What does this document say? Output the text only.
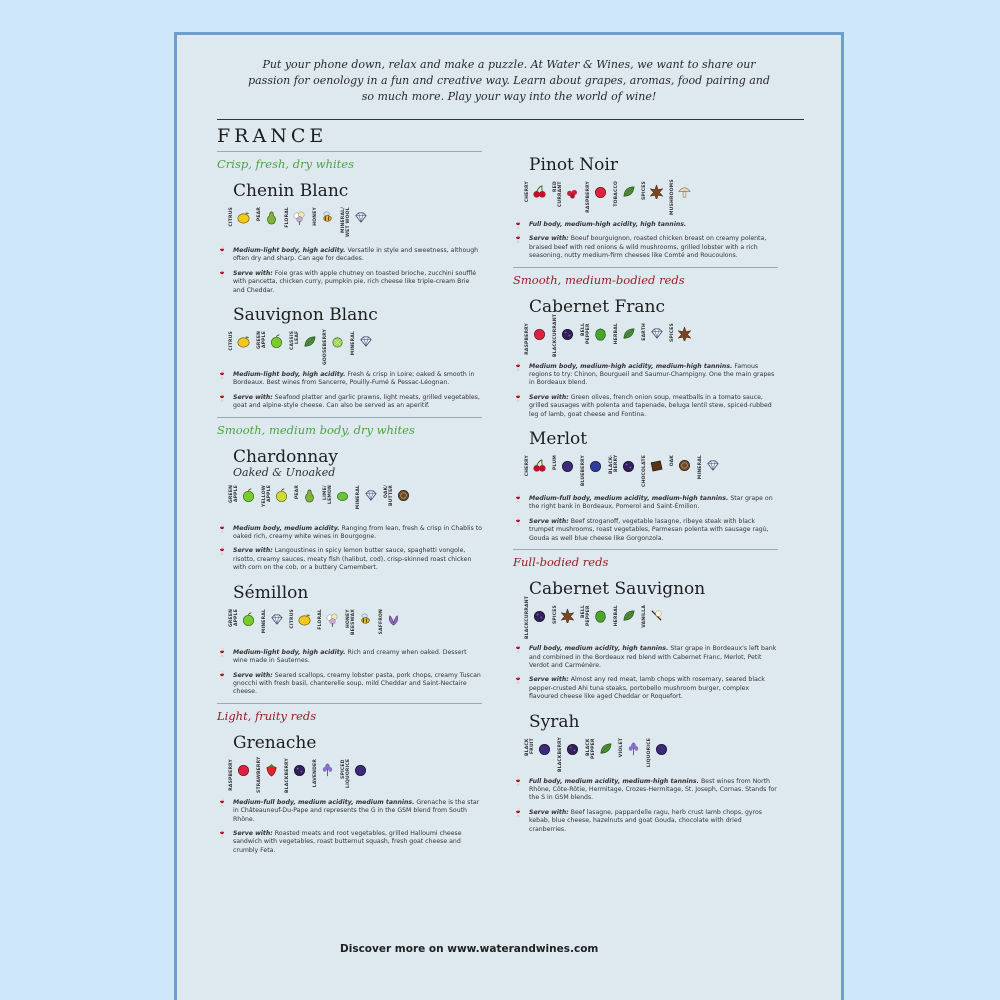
Put your phone down, relax and make a puzzle. At Water & Wines, we want to share our passion for oenology in a fun and creative way. Learn about grapes, aromas, food pairing and so much more. Play your way into the world of wine!
FRANCE
Crisp, fresh, dry whites
Chenin Blanc
CITRUS	PEAR	FLORAL	HONEY	MINERAL/ WET WOOL
🍷 Medium-light body, high acidity. Versatile in style and sweetness, although often dry and sharp. Can age for decades.
🍷 Serve with: Foie gras with apple chutney on toasted brioche, zucchini soufflé with pancetta, chicken curry, pumpkin pie, rich cheese like triple-cream Brie and Cheddar.
Sauvignon Blanc
CITRUS	GREEN APPLE	CASSIS LEAF	GOOSEBERRY	MINERAL
🍷 Medium-light body, high acidity. Fresh & crisp in Loire; oaked & smooth in Bordeaux. Best wines from Sancerre, Pouilly-Fumé & Pessac-Léognan.
🍷 Serve with: Seafood platter and garlic prawns, light meats, grilled vegetables, goat and alpine-style cheese. Can also be served as an aperitif.
Smooth, medium body, dry whites
Chardonnay
Oaked & Unoaked
GREEN APPLE	YELLOW APPLE	PEAR	LIME/ LEMON	MINERAL	OAK/ BUTTER
🍷 Medium body, medium acidity. Ranging from lean, fresh & crisp in Chablis to oaked rich, creamy white wines in Bourgogne.
🍷 Serve with: Langoustines in spicy lemon butter sauce, spaghetti vongole, risotto, creamy sauces, meaty fish (halibut, cod), crisp-skinned roast chicken with corn on the cob, or a buttery Camembert.
Sémillon
GREEN APPLE	MINERAL	CITRUS	FLORAL	HONEY BEESWAX	SAFFRON
🍷 Medium-light body, high acidity. Rich and creamy when oaked. Dessert wine made in Sauternes.
🍷 Serve with: Seared scallops, creamy lobster pasta, pork chops, creamy Tuscan gnocchi with fresh basil, chanterelle soup, mild Cheddar and Saint-Nectaire cheese.
Light, fruity reds
Grenache
RASPBERRY	STRAWBERRY	BLACKBERRY	LAVENDER	SPICED LIQUORICE
🍷 Medium-full body, medium acidity, medium tannins. Grenache is the star in Châteauneuf-Du-Pape and represents the G in the GSM blend from South Rhône.
🍷 Serve with: Roasted meats and root vegetables, grilled Halloumi cheese sandwich with vegetables, roast butternut squash, fresh goat cheese and crumbly Feta.
Pinot Noir
CHERRY	RED CURRANT	RASPBERRY	TOBACCO	SPICES	MUSHROOMS
🍷 Full body, medium-high acidity, high tannins.
🍷 Serve with: Boeuf bourguignon, roasted chicken breast on creamy polenta, braised beef with red onions & wild mushrooms, grilled lobster with a rich seasoning, nutty medium-firm cheeses like Comté and Roucoulons.
Smooth, medium-bodied reds
Cabernet Franc
RASPBERRY	BLACKCURRANT	BELL PEPPER	HERBAL	EARTH	SPICES
🍷 Medium body, medium-high acidity, medium-high tannins. Famous regions to try: Chinon, Bourgueil and Saumur-Champigny. One the main grapes in Bordeaux blend.
🍷 Serve with: Green olives, french onion soup, meatballs in a tomato sauce, grilled sausages with polenta and tapenade, beluga lentil stew, spiced-rubbed leg of lamb, goat cheese and Fontina.
Merlot
CHERRY	PLUM	BLUEBERRY	BLACK-BERRY	CHOCOLATE	OAK	MINERAL
🍷 Medium-full body, medium acidity, medium-high tannins. Star grape on the right bank in Bordeaux, Pomerol and Saint-Émilion.
🍷 Serve with: Beef stroganoff, vegetable lasagne, ribeye steak with black trumpet mushrooms, roast vegetables, Parmesan polenta with sausage ragù, Gouda as well blue cheese like Gorgonzola.
Full-bodied reds
Cabernet Sauvignon
BLACKCURRANT	SPICES	BELL PEPPER	HERBAL	VANILLA
🍷 Full body, medium acidity, high tannins. Star grape in Bordeaux's left bank and combined in the Bordeaux red blend with Cabernet Franc, Merlot, Petit Verdot and Carménère.
🍷 Serve with: Almost any red meat, lamb chops with rosemary, seared black pepper-crusted Ahi tuna steaks, portobello mushroom burger, complex flavoured cheese like aged Cheddar or Roquefort.
Syrah
BLACK FRUIT	BLACKBERRY	BLACK PEPPER	VIOLET	LIQUORICE
🍷 Full body, medium acidity, medium-high tannins. Best wines from North Rhône, Côte-Rôtie, Hermitage, Crozes-Hermitage, St. Joseph, Cornas. Stands for the S in GSM blends.
🍷 Serve with: Beef lasagne, pappardelle ragu, herb crust lamb chops, gyros kebab, blue cheese, hazelnuts and goat Gouda, chocolate with dried cranberries.
Discover more on www.waterandwines.com
